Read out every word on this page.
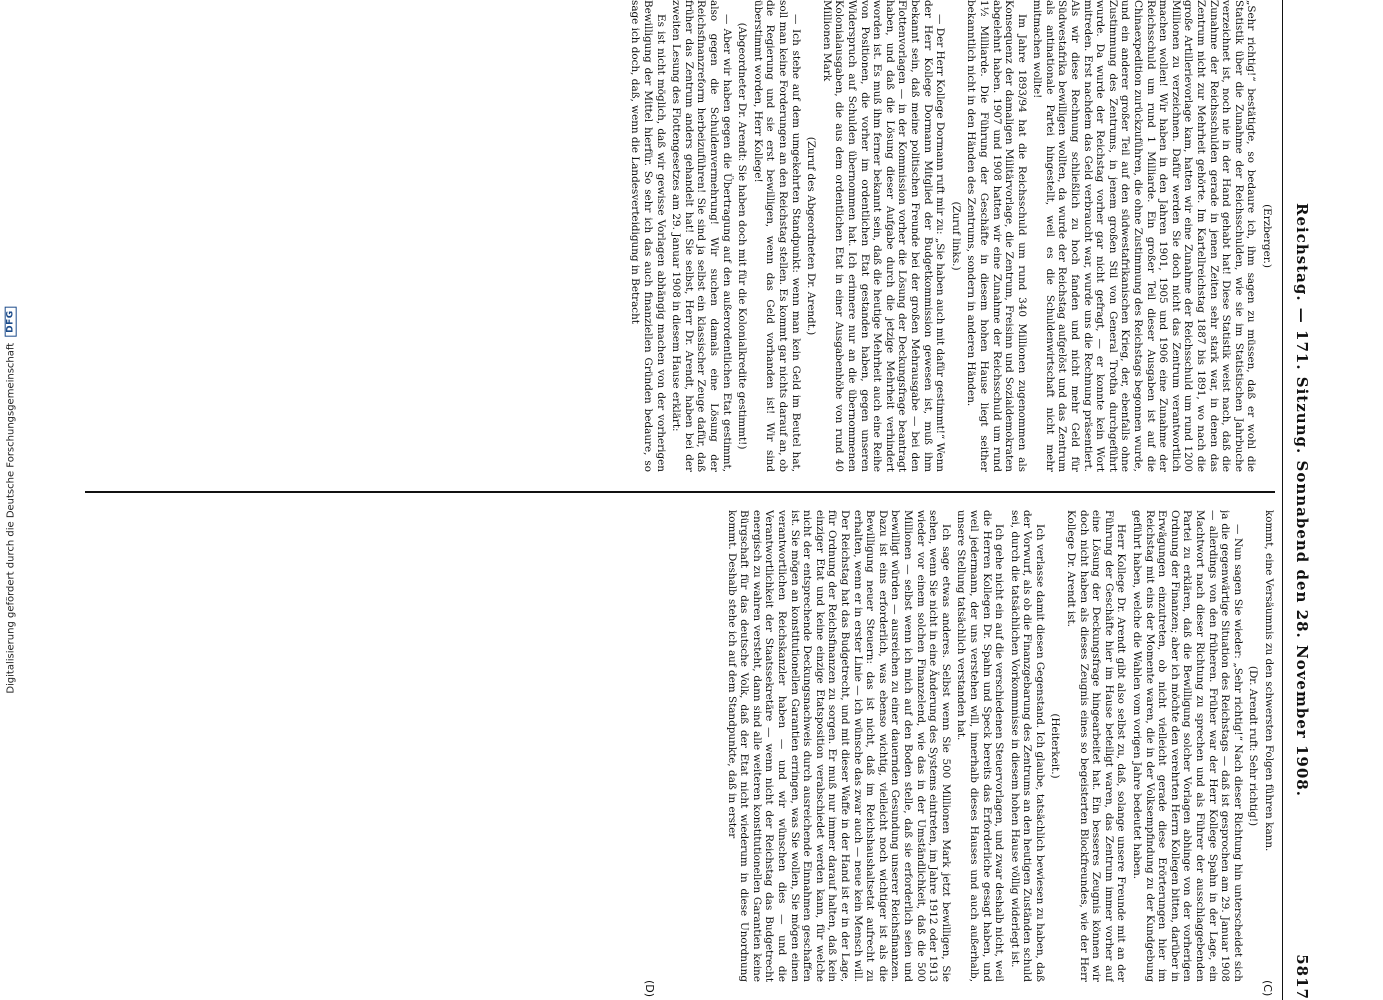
Digitalisierung gefördert durch die Deutsche Forschungsgemeinschaft
DFG	Reichstag. — 171. Sitzung. Sonnabend den 28. November 1908.
5817
(C)
(D)

(Erzberger.)

„Sehr richtig!“ bestätigte, so bedaure ich, ihm sagen zu müssen, daß er wohl die Statistik über die Zunahme der Reichsschulden, wie sie im Statistischen Jahrbuche verzeichnet ist, noch nie in der Hand gehabt hat! Diese Statistik weist nach, daß die Zunahme der Reichsschulden gerade in jenen Zeiten sehr stark war, in denen das Zentrum nicht zur Mehrheit gehörte. Im Kartellreichstag 1887 bis 1891, wo nach die große Artillerievorlage kam, hatten wir eine Zunahme der Reichsschuld um rund 1200 Millionen zu verzeichnen. Dafür werden Sie doch nicht das Zentrum verantwortlich machen wollen! Wir haben in den Jahren 1901, 1905 und 1906 eine Zunahme der Reichsschuld um rund 1 Milliarde. Ein großer Teil dieser Ausgaben ist auf die Chinaexpedition zurückzuführen, die ohne Zustimmung des Reichstags begonnen wurde, und ein anderer großer Teil auf den südwestafrikanischen Krieg, der, ebenfalls ohne Zustimmung des Zentrums, in jenem großen Stil von General Trotha durchgeführt wurde. Da wurde der Reichstag vorher gar nicht gefragt, — er konnte kein Wort mitreden. Erst nachdem das Geld verbraucht war, wurde uns die Rechnung präsentiert. Als wir diese Rechnung schließlich zu hoch fanden und nicht mehr Geld für Südwestafrika bewilligen wollten, da wurde der Reichstag aufgelöst und das Zentrum als antinationale Partei hingestellt, weil es die Schuldenwirtschaft nicht mehr mitmachen wollte!

Im Jahre 1893/94 hat die Reichsschuld um rund 340 Millionen zugenommen als Konsequenz der damaligen Militärvorlage, die Zentrum, Freisinn und Sozialdemokraten abgelehnt haben. 1907 und 1908 hatten wir eine Zunahme der Reichsschuld um rund 1½ Milliarde. Die Führung der Geschäfte in diesem hohen Hause liegt seither bekanntlich nicht in den Händen des Zentrums, sondern in anderen Händen.

(Zuruf links.)

— Der Herr Kollege Dormann ruft mir zu: „Sie haben auch mit dafür gestimmt!“ Wenn der Herr Kollege Dormann Mitglied der Budgetkommission gewesen ist, muß ihm bekannt sein, daß meine politischen Freunde bei der großen Mehrausgabe — bei den Flottenvorlagen — in der Kommission vorher die Lösung der Deckungsfrage beantragt haben, und daß die Lösung dieser Aufgabe durch die jetzige Mehrheit verhindert worden ist. Es muß ihm ferner bekannt sein, daß die heutige Mehrheit auch eine Reihe von Positionen, die vorher im ordentlichen Etat gestanden haben, gegen unseren Widerspruch auf Schulden übernommen hat. Ich erinnere nur an die übernommenen Kolonialausgaben, die aus dem ordentlichen Etat in einer Ausgabenhöhe von rund 40 Millionen Mark

(Zuruf des Abgeordneten Dr. Arendt.)

— Ich stehe auf dem umgekehrten Standpunkt: wenn man kein Geld im Beutel hat, soll man keine Forderungen an den Reichstag stellen. Es kommt gar nichts darauf an, ob die Regierung und sie erst bewilligen, wenn das Geld vorhanden ist! Wir sind überstimmt worden, Herr Kollege!

(Abgeordneter Dr. Arendt: Sie haben doch mit für die Kolonialkredite gestimmt!)

— Aber wir haben gegen die Übertragung auf den außerordentlichen Etat gestimmt, also gegen die Schuldenvermehrung! Wir suchen damals eine Lösung der Reichsfinanzreform herbeizuführen! Sie sind ja selbst ein klassischer Zeuge dafür, daß früher das Zentrum anders gehandelt hat! Sie selbst, Herr Dr. Arendt, haben bei der zweiten Lesung des Flottengesetzes am 29. Januar 1908 in diesem Hause erklärt:

Es ist nicht möglich, daß wir gewisse Vorlagen abhängig machen von der vorherigen Bewilligung der Mittel hierfür. So sehr ich das auch finanziellen Gründen bedaure, so sage ich doch, daß, wenn die Landesverteidigung in Betracht

kommt, eine Versäumnis zu den schwersten Folgen führen kann.

(Dr. Arendt ruft: Sehr richtig!)

— Nun sagen Sie wieder: „Sehr richtig!“ Nach dieser Richtung hin unterscheidet sich ja die gegenwärtige Situation des Reichstags — daß ist gesprochen am 29. Januar 1908 — allerdings von den früheren. Früher war der Herr Kollege Spahn in der Lage, ein Machtwort nach dieser Richtung zu sprechen und als Führer der ausschlaggebenden Partei zu erklären, daß die Bewilligung solcher Vorlagen abhinge von der vorherigen Ordnung der Finanzen; aber ich möchte den verehrten Herrn Kollegen bitten, darüber in Erwägungen einzutreten, ob nicht vielleicht gerade diese Erörterungen hier im Reichstag mit eins der Momente waren, die in der Volksempfindung zu der Kundgebung geführt haben, welche die Wahlen vom vorigen Jahre bedeutet haben.

Herr Kollege Dr. Arendt gibt also selbst zu, daß, solange unsere Freunde mit an der Führung der Geschäfte hier im Hause beteiligt waren, das Zentrum immer vorher auf eine Lösung der Deckungsfrage hingearbeitet hat. Ein besseres Zeugnis können wir doch nicht haben als dieses Zeugnis eines so begeisterten Blockfreundes, wie der Herr Kollege Dr. Arendt ist.

(Heiterkeit.)

Ich verlasse damit diesen Gegenstand. Ich glaube, tatsächlich bewiesen zu haben, daß der Vorwurf, als ob die Finanzgebarung des Zentrums an den heutigen Zuständen schuld sei, durch die tatsächlichen Vorkommnisse in diesem hohen Hause völlig widerlegt ist.

Ich gehe nicht ein auf die verschiedenen Steuervorlagen, und zwar deshalb nicht, weil die Herren Kollegen Dr. Spahn und Speck bereits das Erforderliche gesagt haben, und weil jedermann, der uns verstehen will, innerhalb dieses Hauses und auch außerhalb, unsere Stellung tatsächlich verstanden hat.

Ich sage etwas anderes. Selbst wenn Sie 500 Millionen Mark jetzt bewilligen, Sie sehen, wenn Sie nicht in eine Änderung des Systems eintreten, im Jahre 1912 oder 1913 wieder vor einem solchen Finanzelend, wie das in der Umständlichkeit, daß die 500 Millionen — selbst wenn ich mich auf den Boden stelle, daß sie erforderlich seien und bewilligt würden — ausreichen zu einer dauernden Gesundung unserer Reichsfinanzen. Dazu ist eins erforderlich, was ebenso wichtig, vielleicht noch wichtiger ist als die Bewilligung neuer Steuern: das ist nicht, daß im Reichshaushaltsetat aufrecht zu erhalten, wenn er in erster Linie — ich wünsche das zwar auch — neue kein Mensch will. Der Reichstag hat das Budgetrecht, und mit dieser Waffe in der Hand ist er in der Lage, für Ordnung der Reichsfinanzen zu sorgen. Er muß nur immer darauf halten, daß kein einziger Etat und keine einzige Etatsposition verabschiedet werden kann, für welche nicht der entsprechende Deckungsnachweis durch ausreichende Einnahmen geschaffen ist. Sie mögen an konstitutionellen Garantien erringen, was Sie wollen, Sie mögen einen verantwortlichen Reichskanzler haben — und wir wünschen dies — und die Verantwortlichkeit der Staatssekretäre — wenn nicht der Reichstag das Budgetrecht energisch zu wahren versteht, dann sind alle weiteren konstitutionellen Garantien keine Bürgschaft für das deutsche Volk, daß der Etat nicht wiederum in diese Unordnung kommt. Deshalb stehe ich auf dem Standpunkte, daß in erster
